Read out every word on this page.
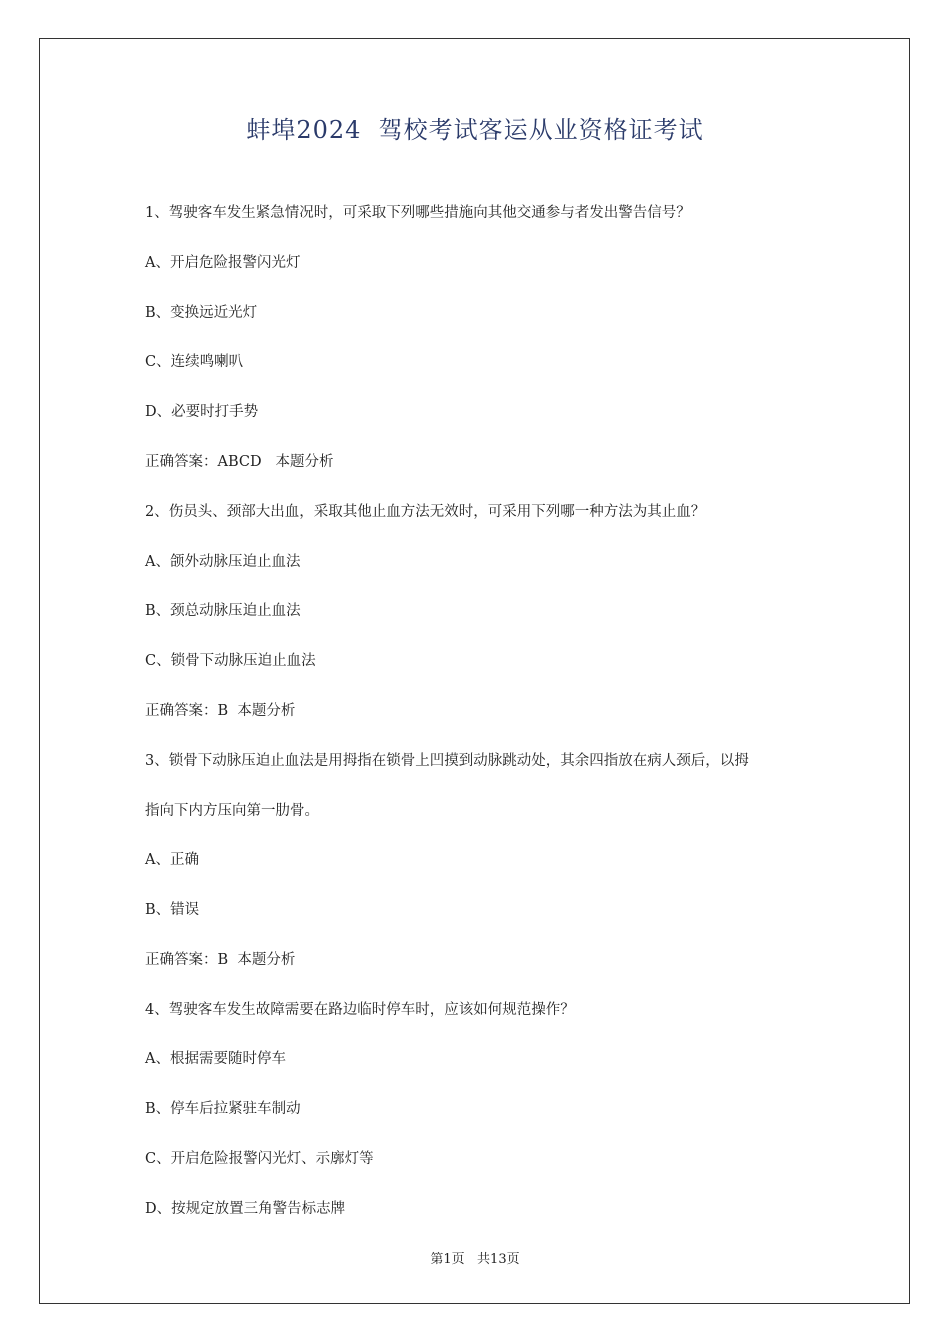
蚌埠2024  驾校考试客运从业资格证考试
1、驾驶客车发生紧急情况时，可采取下列哪些措施向其他交通参与者发出警告信号？
A、开启危险报警闪光灯
B、变换远近光灯
C、连续鸣喇叭
D、必要时打手势
正确答案：ABCD   本题分析
2、伤员头、颈部大出血，采取其他止血方法无效时，可采用下列哪一种方法为其止血？
A、颌外动脉压迫止血法
B、颈总动脉压迫止血法
C、锁骨下动脉压迫止血法
正确答案：B  本题分析
3、锁骨下动脉压迫止血法是用拇指在锁骨上凹摸到动脉跳动处，其余四指放在病人颈后，以拇
指向下内方压向第一肋骨。
A、正确
B、错误
正确答案：B  本题分析
4、驾驶客车发生故障需要在路边临时停车时，应该如何规范操作？
A、根据需要随时停车
B、停车后拉紧驻车制动
C、开启危险报警闪光灯、示廓灯等
D、按规定放置三角警告标志牌
第1页   共13页
